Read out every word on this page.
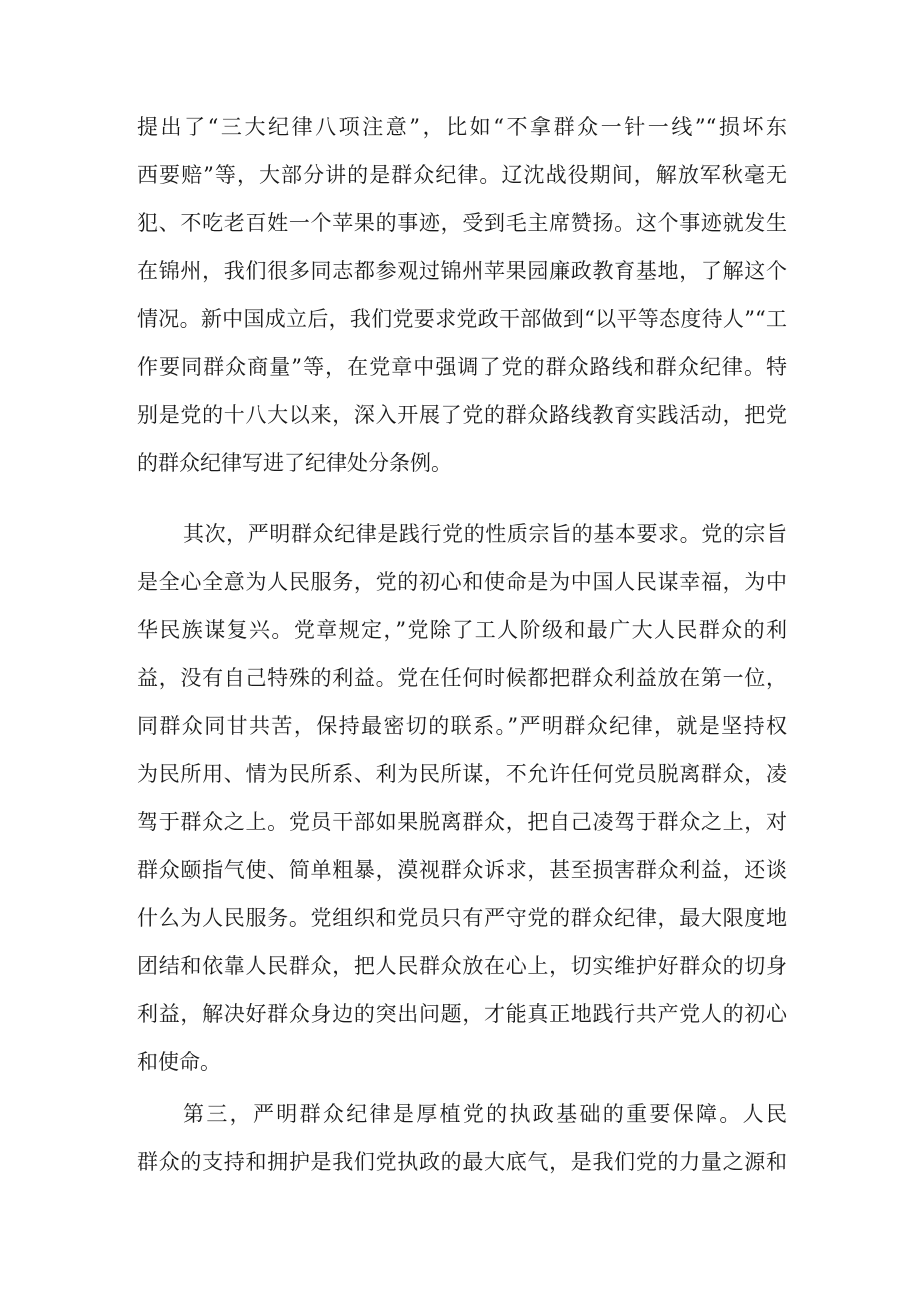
提出了“三大纪律八项注意”，比如“不拿群众一针一线”“损坏东
西要赔”等，大部分讲的是群众纪律。辽沈战役期间，解放军秋毫无
犯、不吃老百姓一个苹果的事迹，受到毛主席赞扬。这个事迹就发生
在锦州，我们很多同志都参观过锦州苹果园廉政教育基地，了解这个
情况。新中国成立后，我们党要求党政干部做到“以平等态度待人”“工
作要同群众商量”等，在党章中强调了党的群众路线和群众纪律。特
别是党的十八大以来，深入开展了党的群众路线教育实践活动，把党
的群众纪律写进了纪律处分条例。
其次，严明群众纪律是践行党的性质宗旨的基本要求。党的宗旨
是全心全意为人民服务，党的初心和使命是为中国人民谋幸福，为中
华民族谋复兴。党章规定，”党除了工人阶级和最广大人民群众的利
益，没有自己特殊的利益。党在任何时候都把群众利益放在第一位，
同群众同甘共苦，保持最密切的联系。”严明群众纪律，就是坚持权
为民所用、情为民所系、利为民所谋，不允许任何党员脱离群众，凌
驾于群众之上。党员干部如果脱离群众，把自己凌驾于群众之上，对
群众颐指气使、简单粗暴，漠视群众诉求，甚至损害群众利益，还谈
什么为人民服务。党组织和党员只有严守党的群众纪律，最大限度地
团结和依靠人民群众，把人民群众放在心上，切实维护好群众的切身
利益，解决好群众身边的突出问题，才能真正地践行共产党人的初心
和使命。
第三，严明群众纪律是厚植党的执政基础的重要保障。人民
群众的支持和拥护是我们党执政的最大底气，是我们党的力量之源和
